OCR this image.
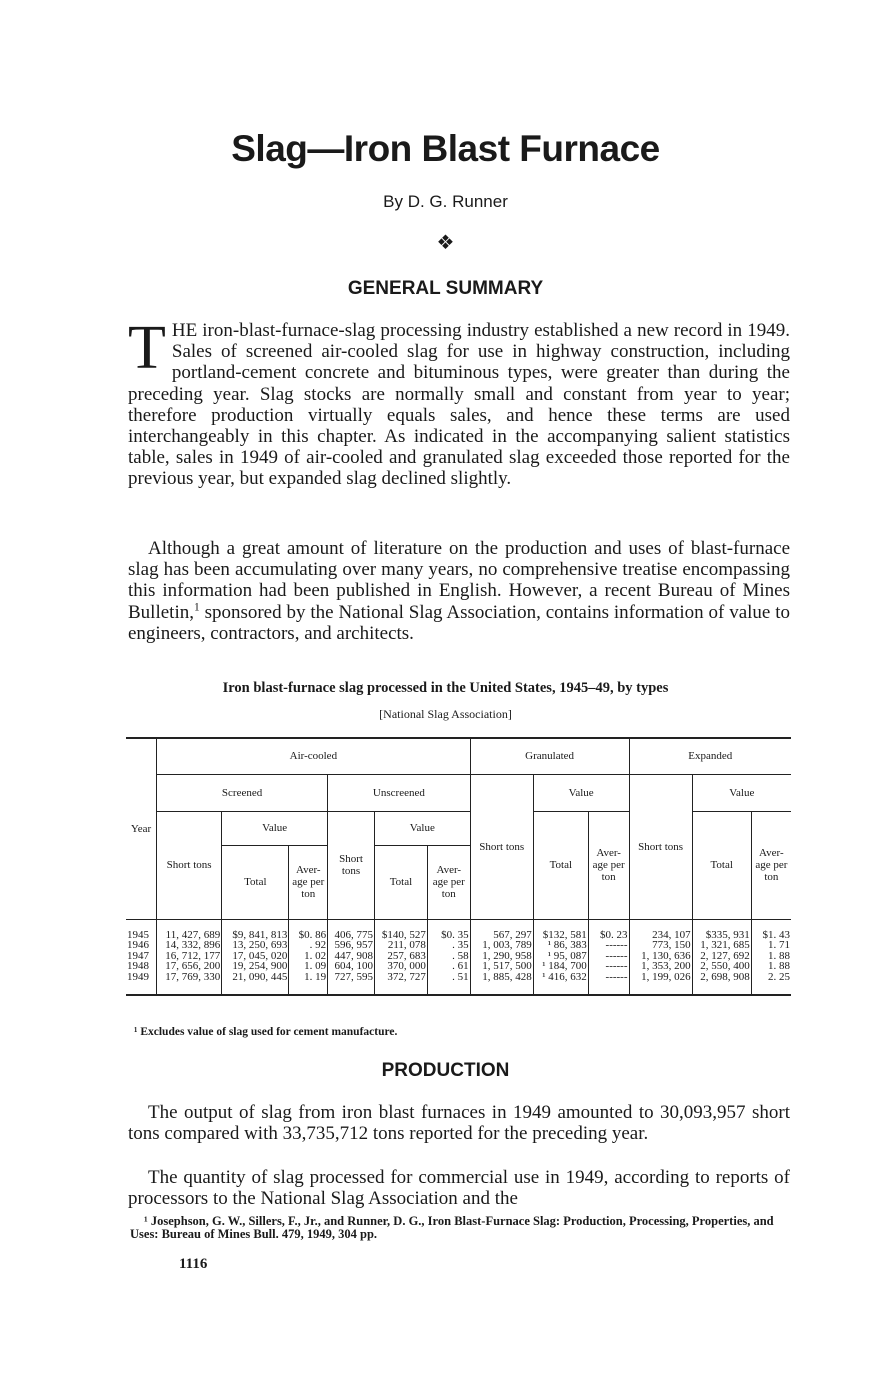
Slag—Iron Blast Furnace
By D. G. Runner
❖
GENERAL SUMMARY
THE iron-blast-furnace-slag processing industry established a new record in 1949. Sales of screened air-cooled slag for use in highway construction, including portland-cement concrete and bituminous types, were greater than during the preceding year. Slag stocks are normally small and constant from year to year; therefore production virtually equals sales, and hence these terms are used interchangeably in this chapter. As indicated in the accompanying salient statistics table, sales in 1949 of air-cooled and granulated slag exceeded those reported for the previous year, but expanded slag declined slightly.

Although a great amount of literature on the production and uses of blast-furnace slag has been accumulating over many years, no comprehensive treatise encompassing this information had been published in English. However, a recent Bureau of Mines Bulletin,$^1$ sponsored by the National Slag Association, contains information of value to engineers, contractors, and architects.

Iron blast-furnace slag processed in the United States, 1945–49, by types
[National Slag Association]
Year	Air-cooled						Granulated			Expanded		
	Screened			Unscreened			Short tons	Value		Short tons	Value	
	Short tons	Value		Short tons	Value			Total	Aver-age per ton		Total	Aver-age per ton
		Total	Aver-age per ton		Total	Aver-age per ton						
1945	11, 427, 689	$9, 841, 813	$0. 86	406, 775	$140, 527	$0. 35	567, 297	$132, 581	$0. 23	234, 107	$335, 931	$1. 43
1946	14, 332, 896	13, 250, 693	. 92	596, 957	211, 078	. 35	1, 003, 789	¹ 86, 383	------	773, 150	1, 321, 685	1. 71
1947	16, 712, 177	17, 045, 020	1. 02	447, 908	257, 683	. 58	1, 290, 958	¹ 95, 087	------	1, 130, 636	2, 127, 692	1. 88
1948	17, 656, 200	19, 254, 900	1. 09	604, 100	370, 000	. 61	1, 517, 500	¹ 184, 700	------	1, 353, 200	2, 550, 400	1. 88
1949	17, 769, 330	21, 090, 445	1. 19	727, 595	372, 727	. 51	1, 885, 428	¹ 416, 632	------	1, 199, 026	2, 698, 908	2. 25
¹ Excludes value of slag used for cement manufacture.
PRODUCTION

The output of slag from iron blast furnaces in 1949 amounted to 30,093,957 short tons compared with 33,735,712 tons reported for the preceding year.

The quantity of slag processed for commercial use in 1949, according to reports of processors to the National Slag Association and the

¹ Josephson, G. W., Sillers, F., Jr., and Runner, D. G., Iron Blast-Furnace Slag: Production, Processing, Properties, and Uses: Bureau of Mines Bull. 479, 1949, 304 pp.
1116
